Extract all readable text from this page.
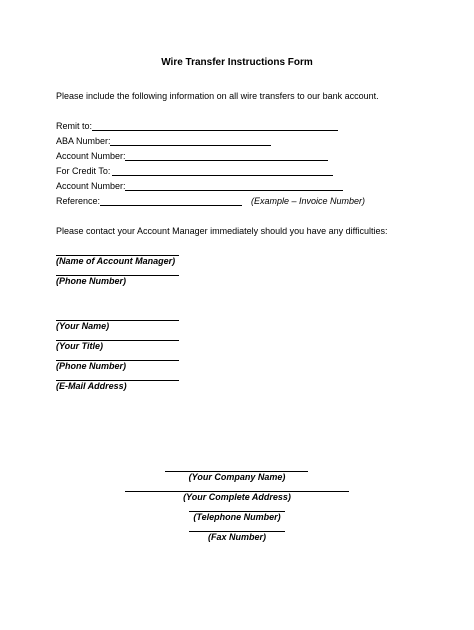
Wire Transfer Instructions Form
Please include the following information on all wire transfers to our bank account.
Remit to:
ABA Number:
Account Number:
For Credit To:
Account Number:
Reference:	(Example – Invoice Number)
Please contact your Account Manager immediately should you have any difficulties:
(Name of Account Manager)
(Phone Number)
(Your Name)
(Your Title)
(Phone Number)
(E-Mail Address)
(Your Company Name)
(Your Complete Address)
(Telephone Number)
(Fax Number)
